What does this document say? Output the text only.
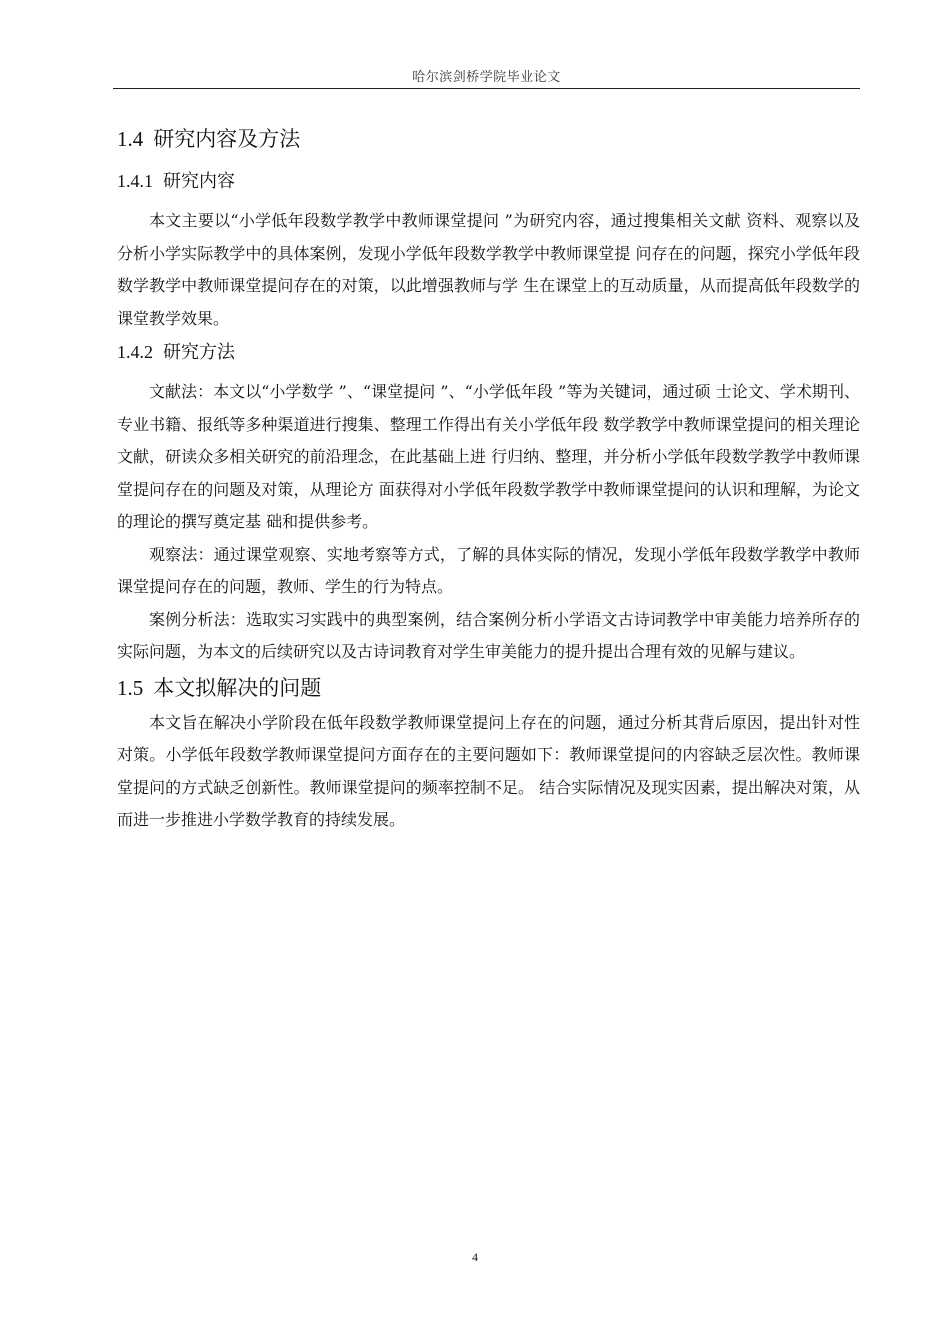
哈尔滨剑桥学院毕业论文
1.4 研究内容及方法
1.4.1 研究内容

本文主要以“小学低年段数学教学中教师课堂提问 ”为研究内容，通过搜集相关文献 资料、观察以及分析小学实际教学中的具体案例，发现小学低年段数学教学中教师课堂提 问存在的问题，探究小学低年段数学教学中教师课堂提问存在的对策，以此增强教师与学 生在课堂上的互动质量，从而提高低年段数学的课堂教学效果。

1.4.2 研究方法

文献法：本文以“小学数学 ”、“课堂提问 ”、“小学低年段 ”等为关键词，通过硕 士论文、学术期刊、专业书籍、报纸等多种渠道进行搜集、整理工作得出有关小学低年段 数学教学中教师课堂提问的相关理论文献，研读众多相关研究的前沿理念，在此基础上进 行归纳、整理，并分析小学低年段数学教学中教师课堂提问存在的问题及对策，从理论方 面获得对小学低年段数学教学中教师课堂提问的认识和理解，为论文的理论的撰写奠定基 础和提供参考。

观察法：通过课堂观察、实地考察等方式，了解的具体实际的情况，发现小学低年段数学教学中教师课堂提问存在的问题，教师、学生的行为特点。

案例分析法：选取实习实践中的典型案例，结合案例分析小学语文古诗词教学中审美能力培养所存的实际问题，为本文的后续研究以及古诗词教育对学生审美能力的提升提出合理有效的见解与建议。

1.5 本文拟解决的问题

本文旨在解决小学阶段在低年段数学教师课堂提问上存在的问题，通过分析其背后原因，提出针对性对策。小学低年段数学教师课堂提问方面存在的主要问题如下：教师课堂提问的内容缺乏层次性。教师课堂提问的方式缺乏创新性。教师课堂提问的频率控制不足。 结合实际情况及现实因素，提出解决对策，从而进一步推进小学数学教育的持续发展。

4
